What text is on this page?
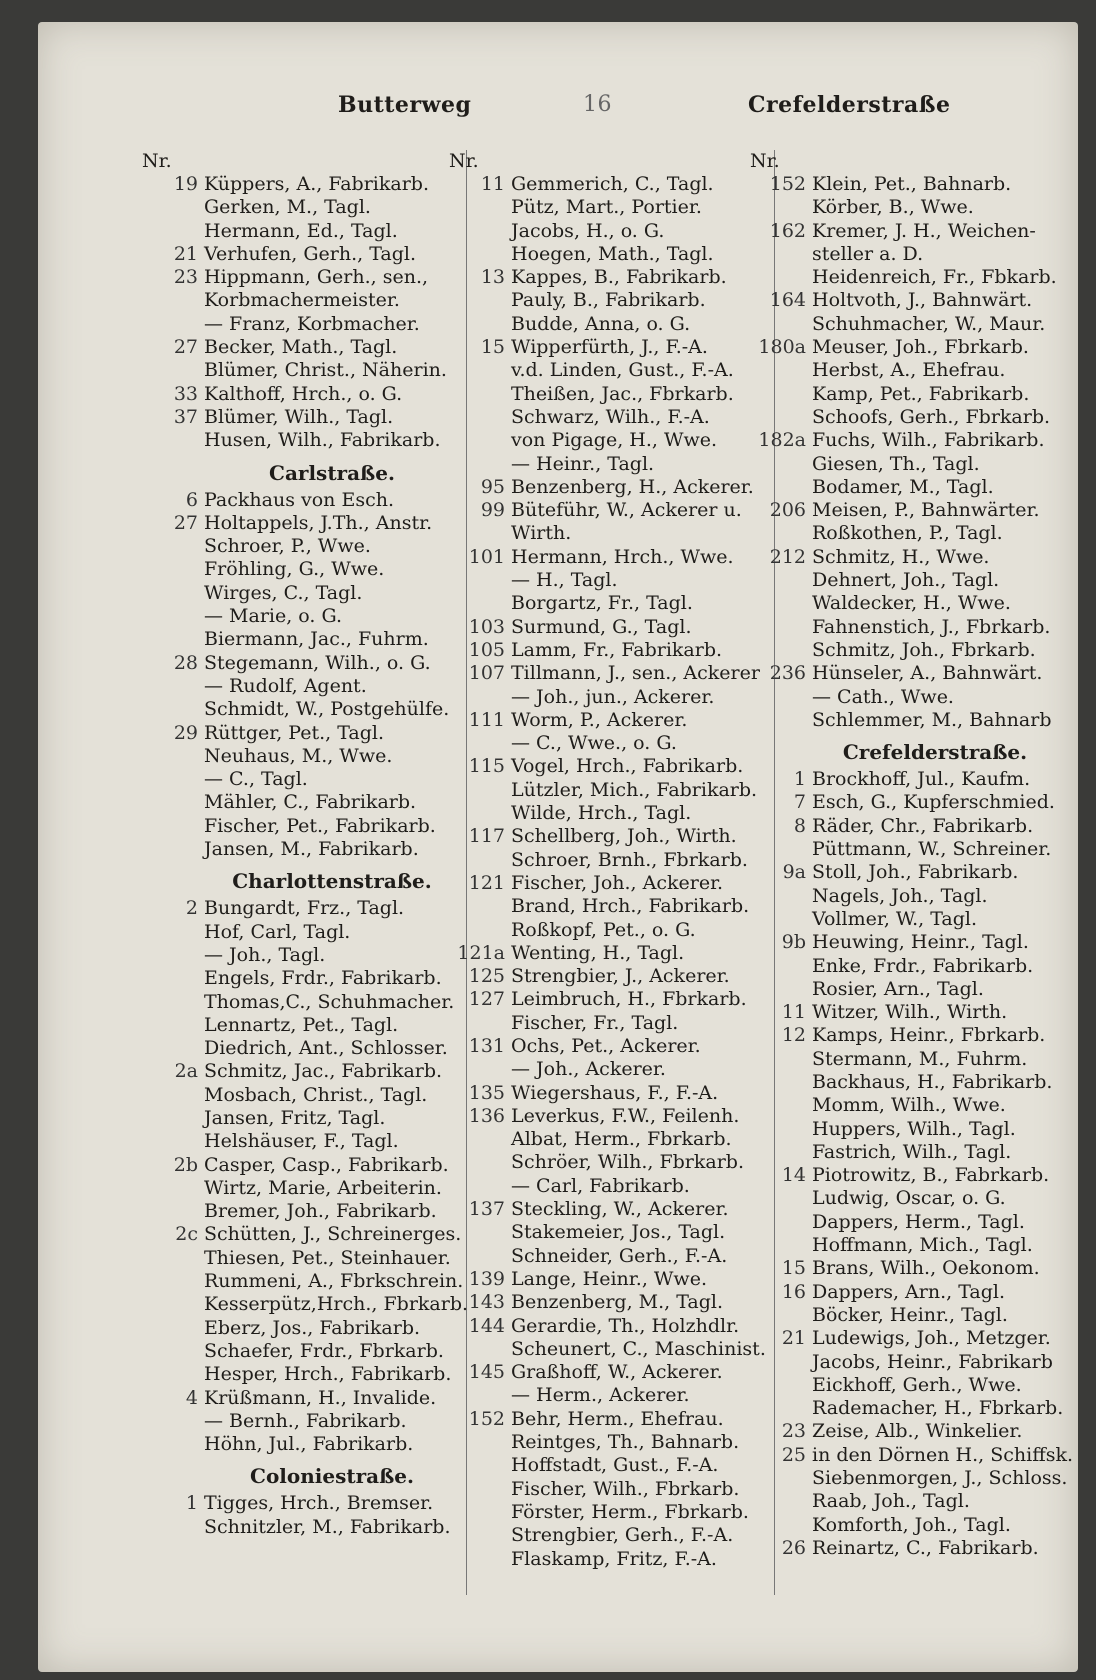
Butterweg	16	Crefelderstraße
Nr.
19 Küppers, A., Fabrikarb.
Gerken, M., Tagl.
Hermann, Ed., Tagl.
21 Verhufen, Gerh., Tagl.
23 Hippmann, Gerh., sen.,
Korbmachermeister.
— Franz, Korbmacher.
27 Becker, Math., Tagl.
Blümer, Christ., Näherin.
33 Kalthoff, Hrch., o. G.
37 Blümer, Wilh., Tagl.
Husen, Wilh., Fabrikarb.
Carlstraße.
6 Packhaus von Esch.
27 Holtappels, J.Th., Anstr.
Schroer, P., Wwe.
Fröhling, G., Wwe.
Wirges, C., Tagl.
— Marie, o. G.
Biermann, Jac., Fuhrm.
28 Stegemann, Wilh., o. G.
— Rudolf, Agent.
Schmidt, W., Postgehülfe.
29 Rüttger, Pet., Tagl.
Neuhaus, M., Wwe.
— C., Tagl.
Mähler, C., Fabrikarb.
Fischer, Pet., Fabrikarb.
Jansen, M., Fabrikarb.
Charlottenstraße.
2 Bungardt, Frz., Tagl.
Hof, Carl, Tagl.
— Joh., Tagl.
Engels, Frdr., Fabrikarb.
Thomas,C., Schuhmacher.
Lennartz, Pet., Tagl.
Diedrich, Ant., Schlosser.
2a Schmitz, Jac., Fabrikarb.
Mosbach, Christ., Tagl.
Jansen, Fritz, Tagl.
Helshäuser, F., Tagl.
2b Casper, Casp., Fabrikarb.
Wirtz, Marie, Arbeiterin.
Bremer, Joh., Fabrikarb.
2c Schütten, J., Schreinerges.
Thiesen, Pet., Steinhauer.
Rummeni, A., Fbrkschrein.
Kesserpütz,Hrch., Fbrkarb.
Eberz, Jos., Fabrikarb.
Schaefer, Frdr., Fbrkarb.
Hesper, Hrch., Fabrikarb.
4 Krüßmann, H., Invalide.
— Bernh., Fabrikarb.
Höhn, Jul., Fabrikarb.
Coloniestraße.
1 Tigges, Hrch., Bremser.
Schnitzler, M., Fabrikarb.
Nr.
11 Gemmerich, C., Tagl.
Pütz, Mart., Portier.
Jacobs, H., o. G.
Hoegen, Math., Tagl.
13 Kappes, B., Fabrikarb.
Pauly, B., Fabrikarb.
Budde, Anna, o. G.
15 Wipperfürth, J., F.-A.
v.d. Linden, Gust., F.-A.
Theißen, Jac., Fbrkarb.
Schwarz, Wilh., F.-A.
von Pigage, H., Wwe.
— Heinr., Tagl.
95 Benzenberg, H., Ackerer.
99 Büteführ, W., Ackerer u.
Wirth.
101 Hermann, Hrch., Wwe.
— H., Tagl.
Borgartz, Fr., Tagl.
103 Surmund, G., Tagl.
105 Lamm, Fr., Fabrikarb.
107 Tillmann, J., sen., Ackerer
— Joh., jun., Ackerer.
111 Worm, P., Ackerer.
— C., Wwe., o. G.
115 Vogel, Hrch., Fabrikarb.
Lützler, Mich., Fabrikarb.
Wilde, Hrch., Tagl.
117 Schellberg, Joh., Wirth.
Schroer, Brnh., Fbrkarb.
121 Fischer, Joh., Ackerer.
Brand, Hrch., Fabrikarb.
Roßkopf, Pet., o. G.
121a Wenting, H., Tagl.
125 Strengbier, J., Ackerer.
127 Leimbruch, H., Fbrkarb.
Fischer, Fr., Tagl.
131 Ochs, Pet., Ackerer.
— Joh., Ackerer.
135 Wiegershaus, F., F.-A.
136 Leverkus, F.W., Feilenh.
Albat, Herm., Fbrkarb.
Schröer, Wilh., Fbrkarb.
— Carl, Fabrikarb.
137 Steckling, W., Ackerer.
Stakemeier, Jos., Tagl.
Schneider, Gerh., F.-A.
139 Lange, Heinr., Wwe.
143 Benzenberg, M., Tagl.
144 Gerardie, Th., Holzhdlr.
Scheunert, C., Maschinist.
145 Graßhoff, W., Ackerer.
— Herm., Ackerer.
152 Behr, Herm., Ehefrau.
Reintges, Th., Bahnarb.
Hoffstadt, Gust., F.-A.
Fischer, Wilh., Fbrkarb.
Förster, Herm., Fbrkarb.
Strengbier, Gerh., F.-A.
Flaskamp, Fritz, F.-A.
Nr.
152 Klein, Pet., Bahnarb.
Körber, B., Wwe.
162 Kremer, J. H., Weichen-
steller a. D.
Heidenreich, Fr., Fbkarb.
164 Holtvoth, J., Bahnwärt.
Schuhmacher, W., Maur.
180a Meuser, Joh., Fbrkarb.
Herbst, A., Ehefrau.
Kamp, Pet., Fabrikarb.
Schoofs, Gerh., Fbrkarb.
182a Fuchs, Wilh., Fabrikarb.
Giesen, Th., Tagl.
Bodamer, M., Tagl.
206 Meisen, P., Bahnwärter.
Roßkothen, P., Tagl.
212 Schmitz, H., Wwe.
Dehnert, Joh., Tagl.
Waldecker, H., Wwe.
Fahnenstich, J., Fbrkarb.
Schmitz, Joh., Fbrkarb.
236 Hünseler, A., Bahnwärt.
— Cath., Wwe.
Schlemmer, M., Bahnarb
Crefelderstraße.
1 Brockhoff, Jul., Kaufm.
7 Esch, G., Kupferschmied.
8 Räder, Chr., Fabrikarb.
Püttmann, W., Schreiner.
9a Stoll, Joh., Fabrikarb.
Nagels, Joh., Tagl.
Vollmer, W., Tagl.
9b Heuwing, Heinr., Tagl.
Enke, Frdr., Fabrikarb.
Rosier, Arn., Tagl.
11 Witzer, Wilh., Wirth.
12 Kamps, Heinr., Fbrkarb.
Stermann, M., Fuhrm.
Backhaus, H., Fabrikarb.
Momm, Wilh., Wwe.
Huppers, Wilh., Tagl.
Fastrich, Wilh., Tagl.
14 Piotrowitz, B., Fabrkarb.
Ludwig, Oscar, o. G.
Dappers, Herm., Tagl.
Hoffmann, Mich., Tagl.
15 Brans, Wilh., Oekonom.
16 Dappers, Arn., Tagl.
Böcker, Heinr., Tagl.
21 Ludewigs, Joh., Metzger.
Jacobs, Heinr., Fabrikarb
Eickhoff, Gerh., Wwe.
Rademacher, H., Fbrkarb.
23 Zeise, Alb., Winkelier.
25 in den Dörnen H., Schiffsk.
Siebenmorgen, J., Schloss.
Raab, Joh., Tagl.
Komforth, Joh., Tagl.
26 Reinartz, C., Fabrikarb.
